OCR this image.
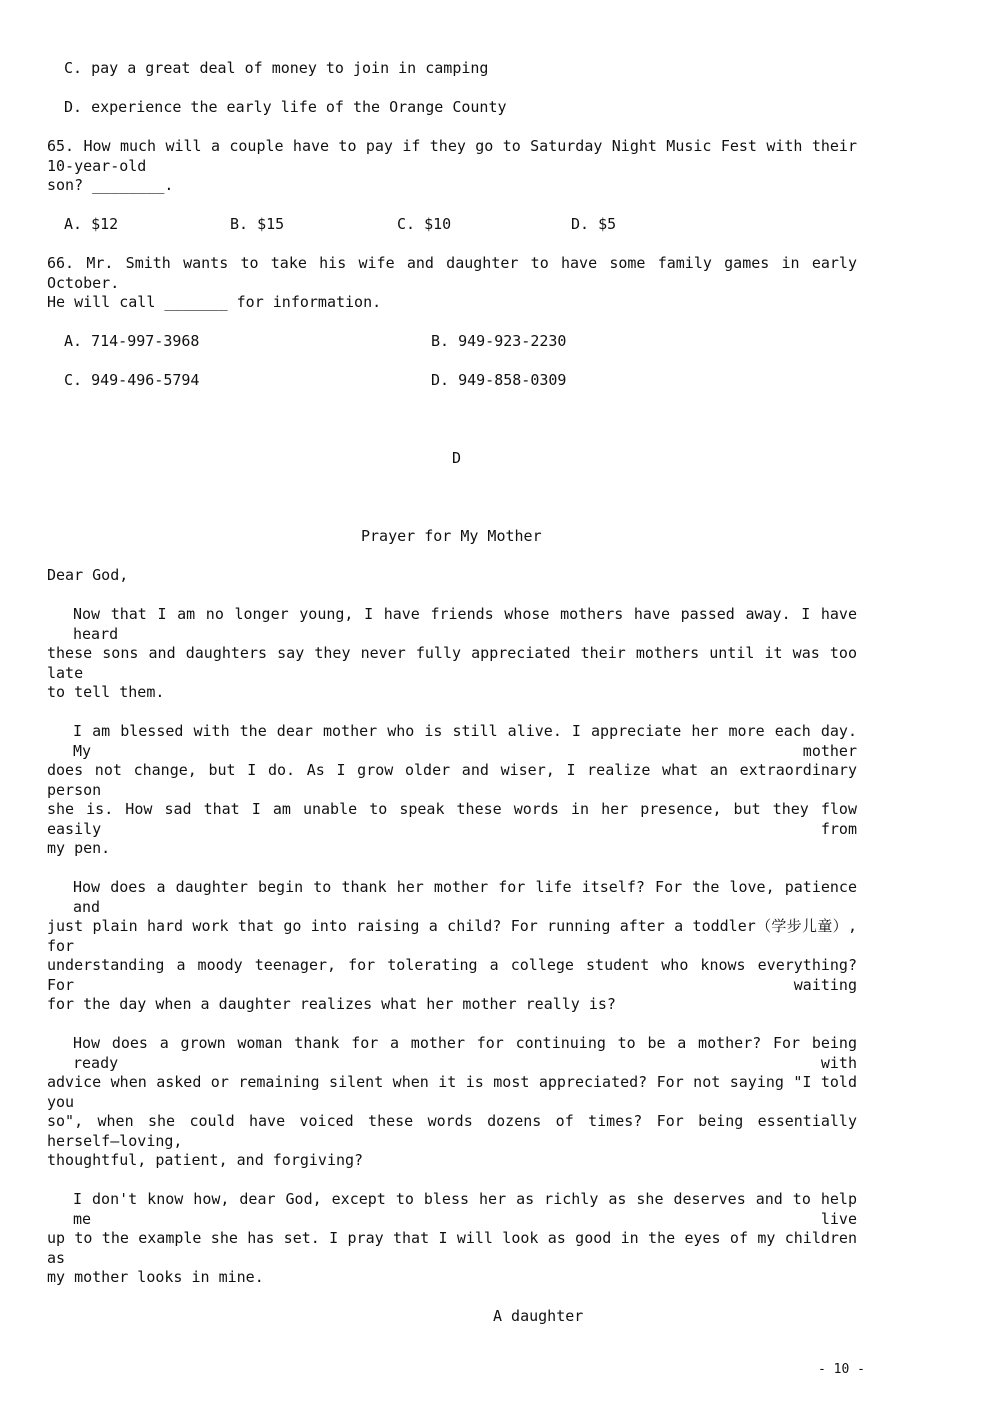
C. pay a great deal of money to join in camping
D. experience the early life of the Orange County
65. How much will a couple have to pay if they go to Saturday Night Music Fest with their 10-year-old
son? ________.
A. $12	B. $15	C. $10	D. $5
66. Mr. Smith wants to take his wife and daughter to have some family games in early October.
He will call _______ for information.
A. 714-997-3968	B. 949-923-2230
C. 949-496-5794	D. 949-858-0309
D
Prayer for My Mother
Dear God,
Now that I am no longer young, I have friends whose mothers have passed away. I have heard
these sons and daughters say they never fully appreciated their mothers until it was too late
to tell them.
I am blessed with the dear mother who is still alive. I appreciate her more each day. My mother
does not change, but I do. As I grow older and wiser, I realize what an extraordinary person
she is. How sad that I am unable to speak these words in her presence, but they flow easily from
my pen.
How does a daughter begin to thank her mother for life itself? For the love, patience and
just plain hard work that go into raising a child? For running after a toddler（学步儿童）, for
understanding a moody teenager, for tolerating a college student who knows everything? For waiting
for the day when a daughter realizes what her mother really is?
How does a grown woman thank for a mother for continuing to be a mother? For being ready with
advice when asked or remaining silent when it is most appreciated? For not saying "I told you
so", when she could have voiced these words dozens of times? For being essentially herself—loving,
thoughtful, patient, and forgiving?
I don't know how, dear God, except to bless her as richly as she deserves and to help me live
up to the example she has set. I pray that I will look as good in the eyes of my children as
my mother looks in mine.
A daughter
- 10 -
